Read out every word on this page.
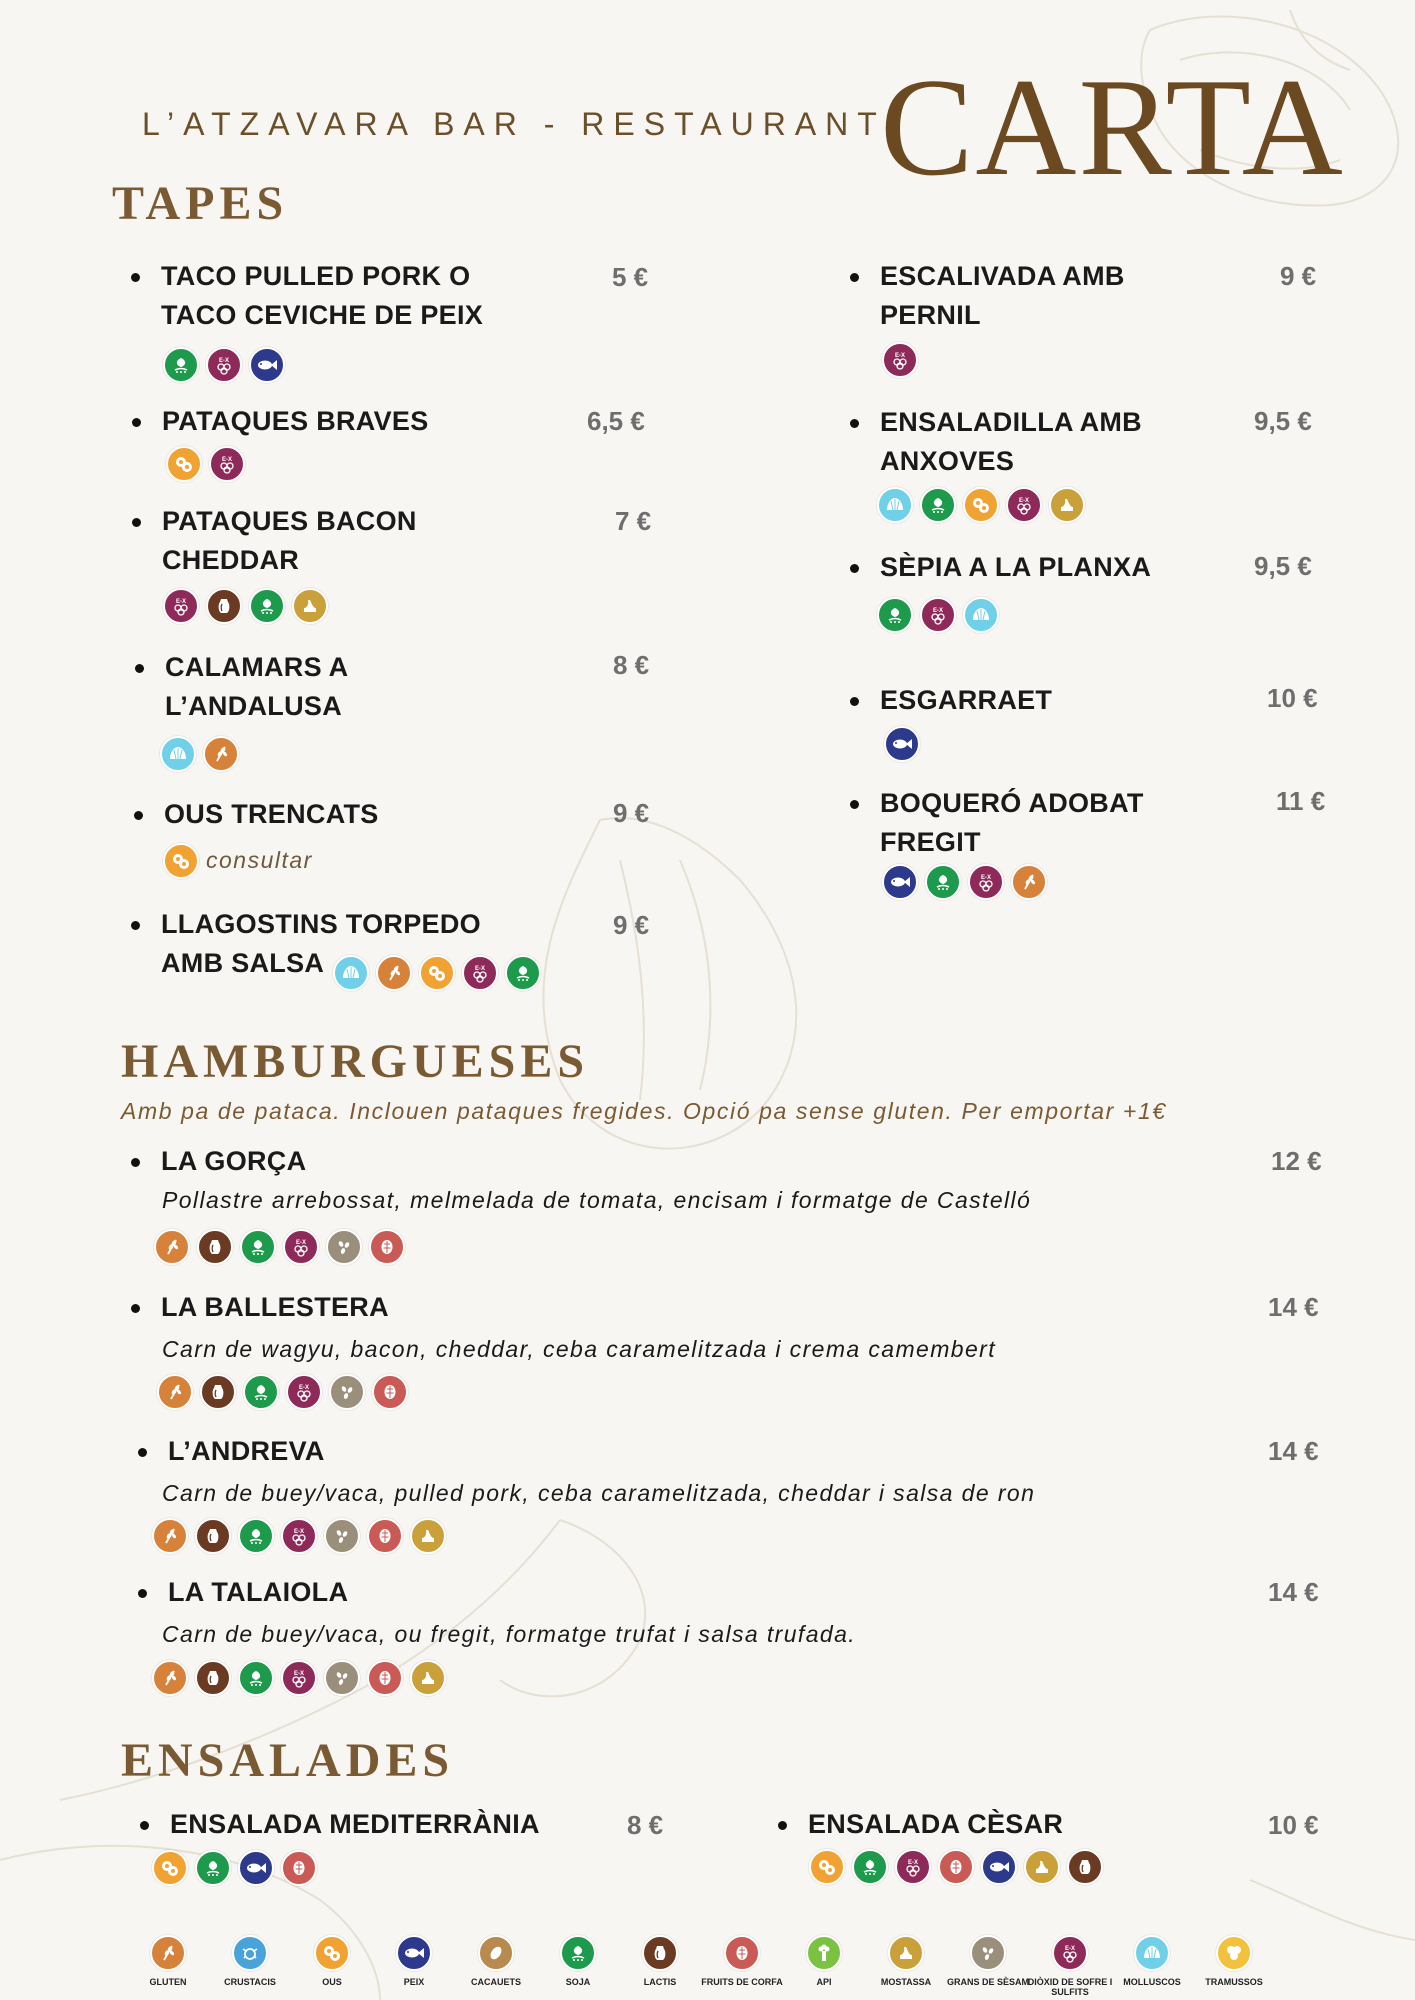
L’ATZAVARA BAR - RESTAURANT
CARTA
TAPES
TACO PULLED PORK O TACO CEVICHE DE PEIX
5 €
E-X
PATAQUES BRAVES	6,5 €
E-X
PATAQUES BACON CHEDDAR
7 €
E-X
CALAMARS A L’ANDALUSA
8 €
OUS TRENCATS	9 €
consultar
LLAGOSTINS TORPEDO AMB SALSA
9 €
E-X
ESCALIVADA AMB PERNIL
9 €
E-X
ENSALADILLA AMB ANXOVES
9,5 €
E-X
SÈPIA A LA PLANXA	9,5 €
E-X
ESGARRAET	10 €
BOQUERÓ ADOBAT FREGIT
11 €
E-X
HAMBURGUESES
Amb pa de pataca. Inclouen pataques fregides. Opció pa sense gluten. Per emportar +1€
LA GORÇA	12 €
Pollastre arrebossat, melmelada de tomata, encisam i formatge de Castelló
E-X
LA BALLESTERA	14 €
Carn de wagyu, bacon, cheddar, ceba caramelitzada i crema camembert
E-X
L’ANDREVA	14 €
Carn de buey/vaca, pulled pork, ceba caramelitzada, cheddar i salsa de ron
E-X
LA TALAIOLA	14 €
Carn de buey/vaca, ou fregit, formatge trufat i salsa trufada.
E-X
ENSALADES
ENSALADA MEDITERRÀNIA	8 €	ENSALADA CÈSAR	10 €
E-X
GLUTEN	CRUSTACIS	OUS	PEIX	CACAUETS	SOJA	LACTIS	FRUITS DE CORFA	API	MOSTASSA	GRANS DE SÈSAM
E-X
DIÒXID DE SOFRE I SULFITS
MOLLUSCOS	TRAMUSSOS
